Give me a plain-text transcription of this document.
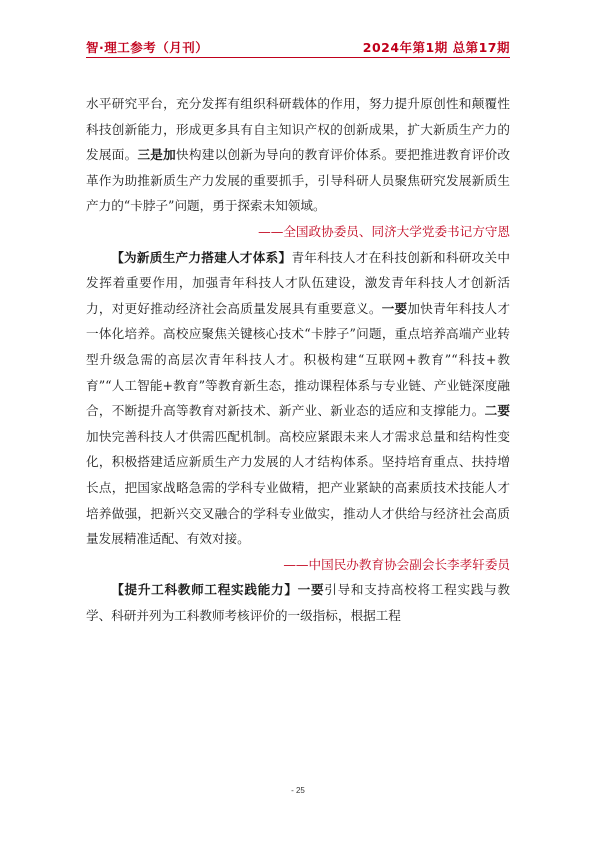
智·理工参考（月刊）	2024年第1期 总第17期

水平研究平台，充分发挥有组织科研载体的作用，努力提升原创性和颠覆性科技创新能力，形成更多具有自主知识产权的创新成果，扩大新质生产力的发展面。三是加快构建以创新为导向的教育评价体系。要把推进教育评价改革作为助推新质生产力发展的重要抓手，引导科研人员聚焦研究发展新质生产力的“卡脖子”问题，勇于探索未知领域。

——全国政协委员、同济大学党委书记方守恩

【为新质生产力搭建人才体系】青年科技人才在科技创新和科研攻关中发挥着重要作用，加强青年科技人才队伍建设，激发青年科技人才创新活力，对更好推动经济社会高质量发展具有重要意义。一要加快青年科技人才一体化培养。高校应聚焦关键核心技术“卡脖子”问题，重点培养高端产业转型升级急需的高层次青年科技人才。积极构建“互联网+教育”“科技+教育”“人工智能+教育”等教育新生态，推动课程体系与专业链、产业链深度融合，不断提升高等教育对新技术、新产业、新业态的适应和支撑能力。二要加快完善科技人才供需匹配机制。高校应紧跟未来人才需求总量和结构性变化，积极搭建适应新质生产力发展的人才结构体系。坚持培育重点、扶持增长点，把国家战略急需的学科专业做精，把产业紧缺的高素质技术技能人才培养做强，把新兴交叉融合的学科专业做实，推动人才供给与经济社会高质量发展精准适配、有效对接。

——中国民办教育协会副会长李孝轩委员

【提升工科教师工程实践能力】一要引导和支持高校将工程实践与教学、科研并列为工科教师考核评价的一级指标，根据工程

- 25
